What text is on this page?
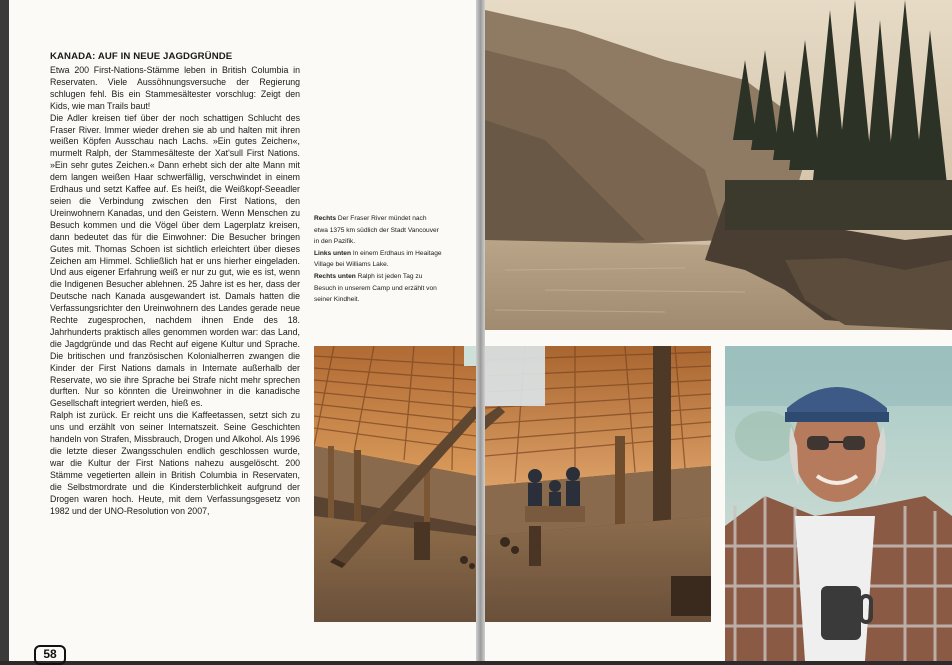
KANADA: AUF IN NEUE JAGDGRÜNDE

Etwa 200 First-Nations-Stämme leben in British Columbia in Reservaten. Viele Aussöhnungsversuche der Regierung schlugen fehl. Bis ein Stammesältester vorschlug: Zeigt den Kids, wie man Trails baut!

Die Adler kreisen tief über der noch schattigen Schlucht des Fraser River. Immer wieder drehen sie ab und halten mit ihren weißen Köpfen Ausschau nach Lachs. »Ein gutes Zeichen«, murmelt Ralph, der Stammesälteste der Xat'sull First Nations. »Ein sehr gutes Zeichen.« Dann erhebt sich der alte Mann mit dem langen weißen Haar schwerfällig, verschwindet in einem Erdhaus und setzt Kaffee auf. Es heißt, die Weißkopf-Seeadler seien die Verbindung zwischen den First Nations, den Ureinwohnern Kanadas, und den Geistern. Wenn Menschen zu Besuch kommen und die Vögel über dem Lagerplatz kreisen, dann bedeutet das für die Einwohner: Die Besucher bringen Gutes mit. Thomas Schoen ist sichtlich erleichtert über dieses Zeichen am Himmel. Schließlich hat er uns hierher eingeladen. Und aus eigener Erfahrung weiß er nur zu gut, wie es ist, wenn die Indigenen Besucher ablehnen. 25 Jahre ist es her, dass der Deutsche nach Kanada ausgewandert ist. Damals hatten die Verfassungsrichter den Ureinwohnern des Landes gerade neue Rechte zugesprochen, nachdem ihnen Ende des 18. Jahrhunderts praktisch alles genommen worden war: das Land, die Jagdgründe und das Recht auf eigene Kultur und Sprache. Die britischen und französischen Kolonialherren zwangen die Kinder der First Nations damals in Internate außerhalb der Reservate, wo sie ihre Sprache bei Strafe nicht mehr sprechen durften. Nur so könnten die Ureinwohner in die kanadische Gesellschaft integriert werden, hieß es.

Ralph ist zurück. Er reicht uns die Kaffeetassen, setzt sich zu uns und erzählt von seiner Internatszeit. Seine Geschichten handeln von Strafen, Missbrauch, Drogen und Alkohol. Als 1996 die letzte dieser Zwangsschulen endlich geschlossen wurde, war die Kultur der First Nations nahezu ausgelöscht. 200 Stämme vegetierten allein in British Columbia in Reservaten, die Selbstmordrate und die Kindersterblichkeit aufgrund der Drogen waren hoch. Heute, mit dem Verfassungsgesetz von 1982 und der UNO-Resolution von 2007,

Rechts Der Fraser River mündet nach etwa 1375 km südlich der Stadt Vancouver in den Pazifik.

Links unten In einem Erdhaus im Heaitage Village bei Williams Lake.

Rechts unten Ralph ist jeden Tag zu Besuch in unserem Camp und erzählt von seiner Kindheit.

58
